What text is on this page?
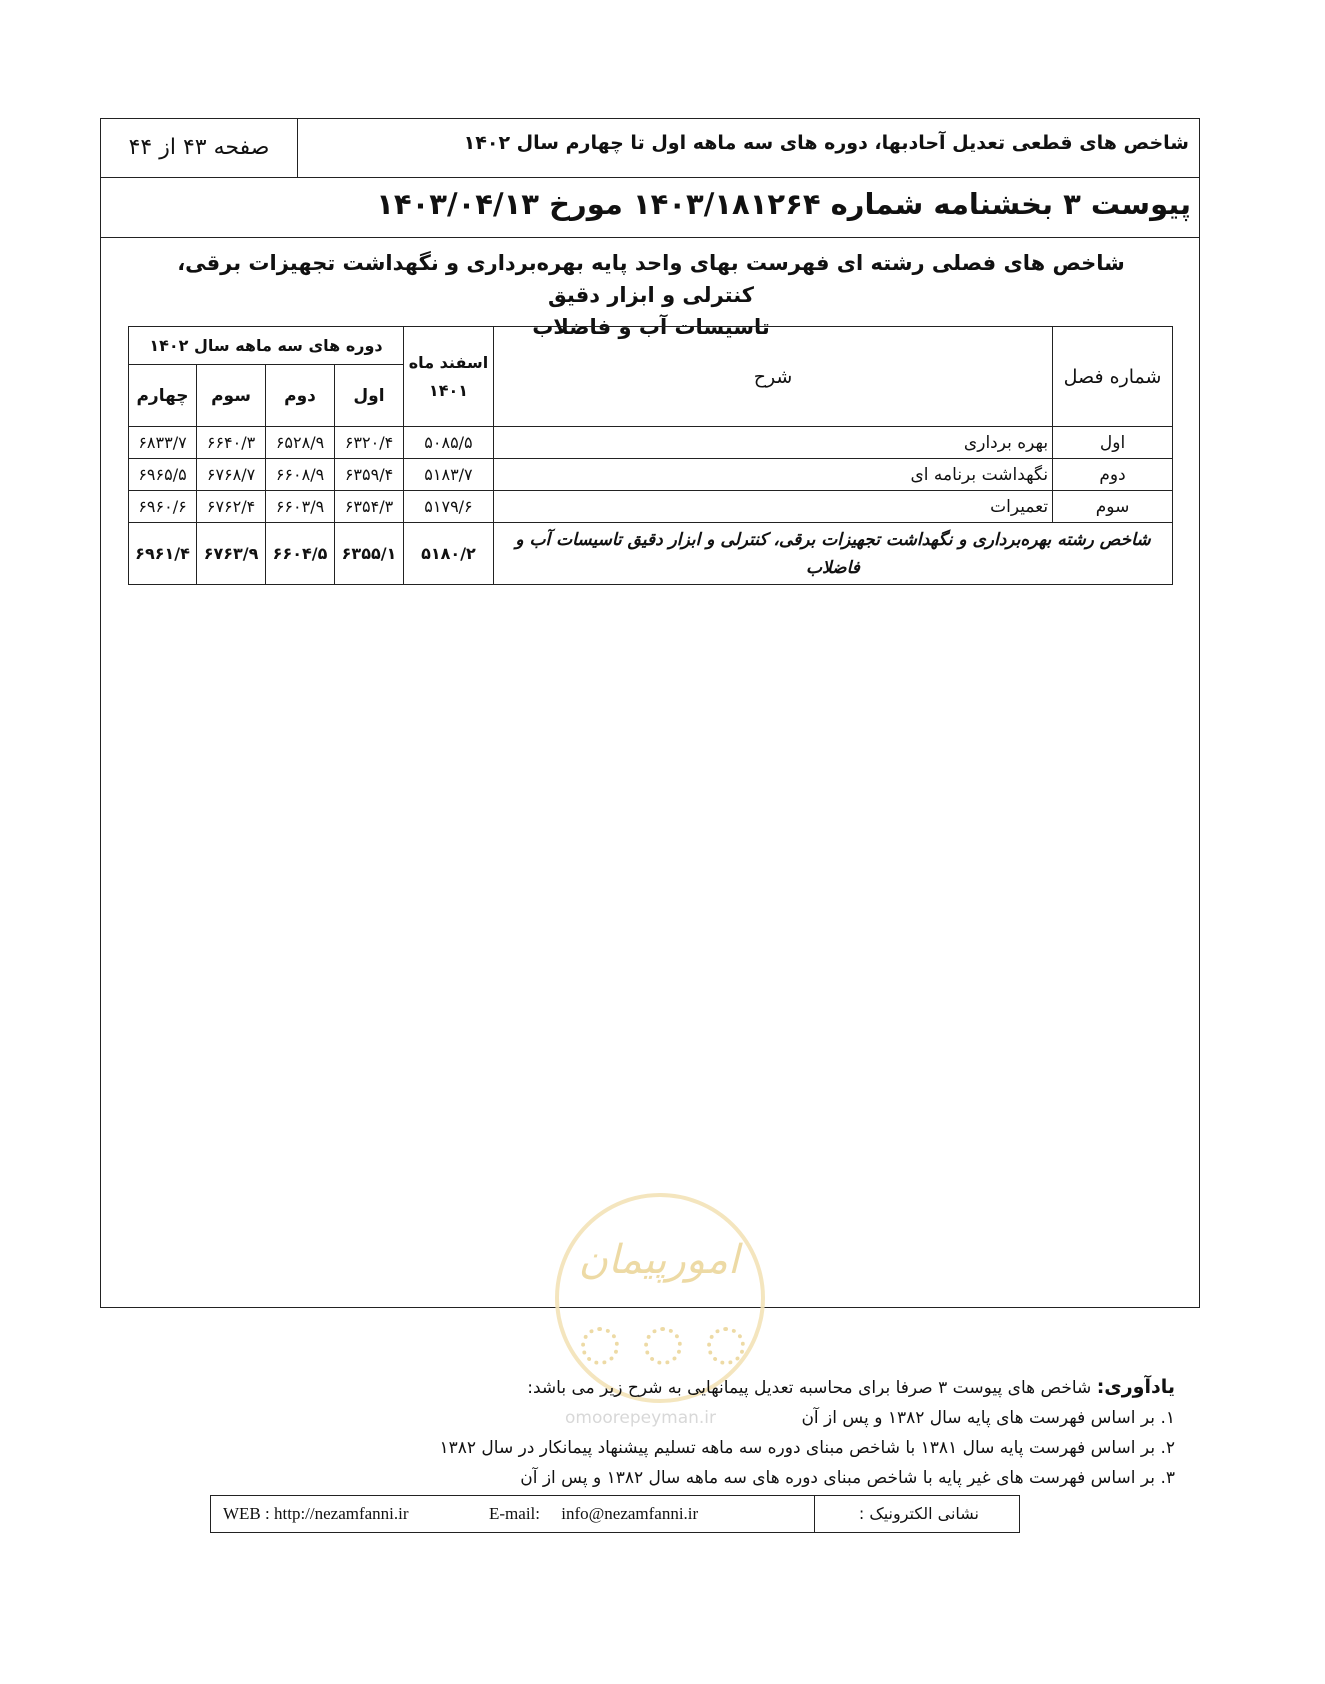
شاخص های قطعی تعدیل آحادبها، دوره های سه ماهه اول تا چهارم سال ۱۴۰۲
صفحه ۴۳ از ۴۴
پیوست ۳ بخشنامه شماره ۱۴۰۳/۱۸۱۲۶۴ مورخ ۱۴۰۳/۰۴/۱۳
شاخص های فصلی رشته ای فهرست بهای واحد پایه بهره‌برداری و نگهداشت تجهیزات برقی، کنترلی و ابزار دقیق
تاسیسات آب و فاضلاب
شماره فصل	شرح	اسفند ماه ۱۴۰۱	دوره های سه ماهه سال ۱۴۰۲			
			اول	دوم	سوم	چهارم
اول	بهره برداری	۵۰۸۵/۵	۶۳۲۰/۴	۶۵۲۸/۹	۶۶۴۰/۳	۶۸۳۳/۷
دوم	نگهداشت برنامه ای	۵۱۸۳/۷	۶۳۵۹/۴	۶۶۰۸/۹	۶۷۶۸/۷	۶۹۶۵/۵
سوم	تعمیرات	۵۱۷۹/۶	۶۳۵۴/۳	۶۶۰۳/۹	۶۷۶۲/۴	۶۹۶۰/۶
شاخص رشته بهره‌برداری و نگهداشت تجهیزات برقی، کنترلی و ابزار دقیق تاسیسات آب و فاضلاب		۵۱۸۰/۲	۶۳۵۵/۱	۶۶۰۴/۵	۶۷۶۳/۹	۶۹۶۱/۴
امورپیمان
یادآوری: شاخص های پیوست ۳ صرفا برای محاسبه تعدیل پیمانهایی به شرح زیر می باشد:
۱. بر اساس فهرست های پایه سال ۱۳۸۲ و پس از آن
۲. بر اساس فهرست پایه سال ۱۳۸۱ با شاخص مبنای دوره سه ماهه تسلیم پیشنهاد پیمانکار در سال ۱۳۸۲
۳. بر اساس فهرست های غیر پایه با شاخص مبنای دوره های سه ماهه سال ۱۳۸۲ و پس از آن
omoorepeyman.ir
نشانی الکترونیک :
WEB : http://nezamfanni.ir	E-mail:     info@nezamfanni.ir
